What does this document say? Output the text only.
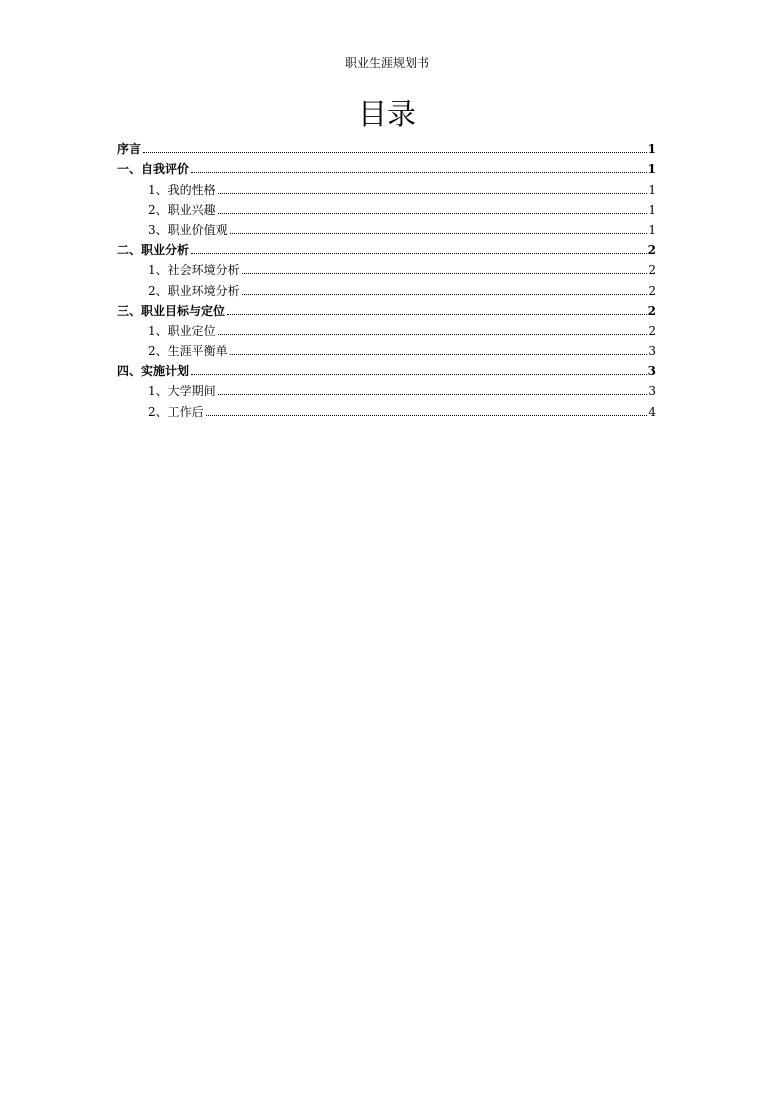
职业生涯规划书
目录
序言	1
一、自我评价	1
1、我的性格	1
2、职业兴趣	1
3、职业价值观	1
二、职业分析	2
1、社会环境分析	2
2、职业环境分析	2
三、职业目标与定位	2
1、职业定位	2
2、生涯平衡单	3
四、实施计划	3
1、大学期间	3
2、工作后	4
